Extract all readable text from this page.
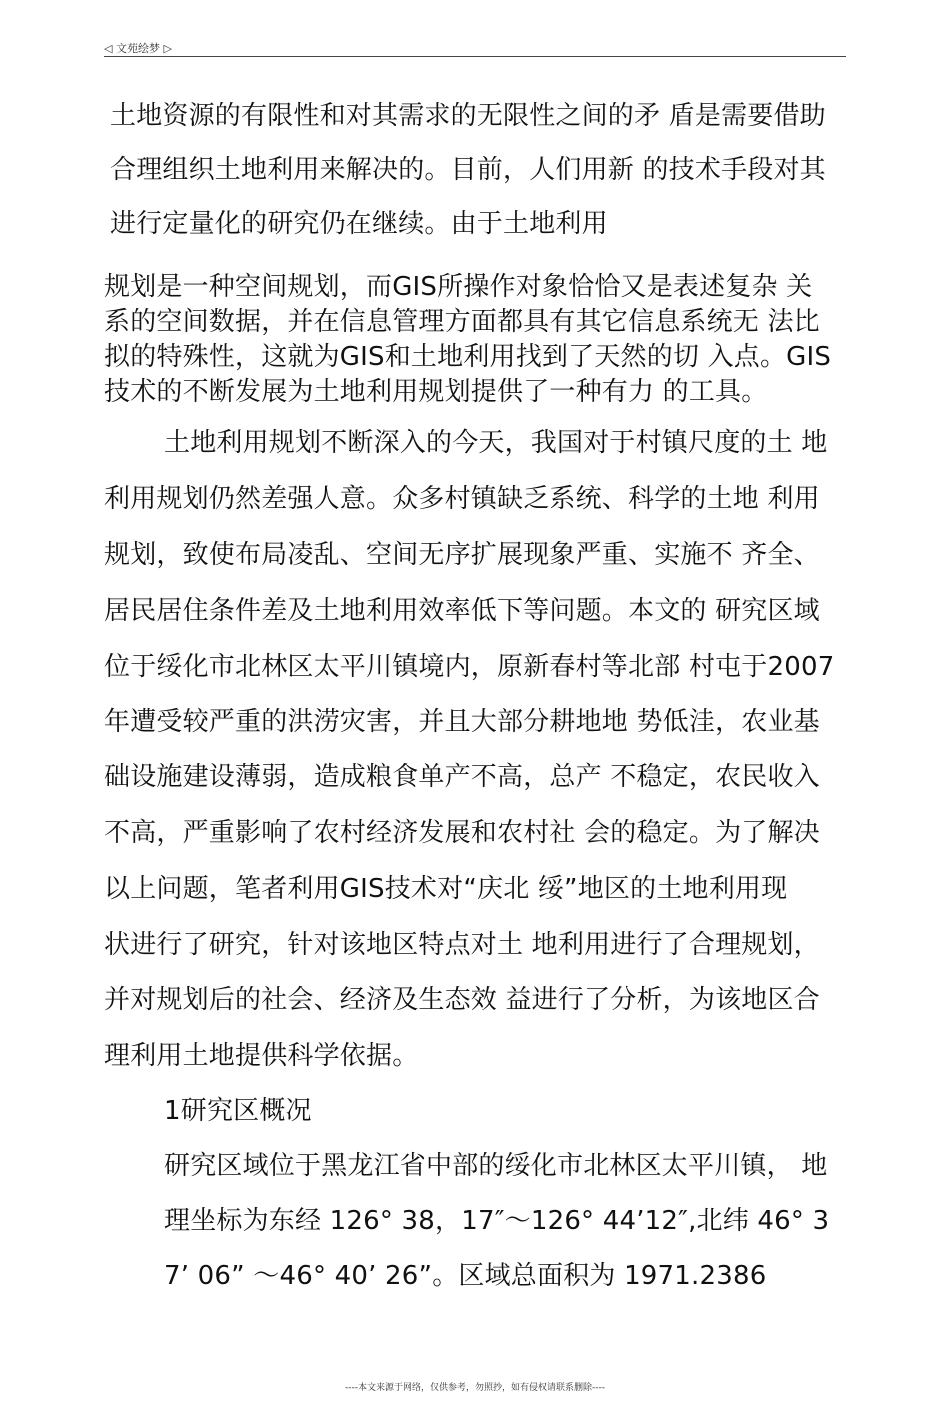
◁ 文苑绘梦 ▷
土地资源的有限性和对其需求的无限性之间的矛 盾是需要借助
合理组织土地利用来解决的。目前，人们用新 的技术手段对其
进行定量化的研究仍在继续。由于土地利用
规划是一种空间规划，而GIS所操作对象恰恰又是表述复杂 关
系的空间数据，并在信息管理方面都具有其它信息系统无 法比
拟的特殊性，这就为GIS和土地利用找到了天然的切 入点。GIS
技术的不断发展为土地利用规划提供了一种有力 的工具。
土地利用规划不断深入的今天，我国对于村镇尺度的土 地
利用规划仍然差强人意。众多村镇缺乏系统、科学的土地 利用
规划，致使布局凌乱、空间无序扩展现象严重、实施不 齐全、
居民居住条件差及土地利用效率低下等问题。本文的 研究区域
位于绥化市北林区太平川镇境内，原新春村等北部 村屯于2007
年遭受较严重的洪涝灾害，并且大部分耕地地 势低洼，农业基
础设施建设薄弱，造成粮食单产不高，总产 不稳定，农民收入
不高，严重影响了农村经济发展和农村社 会的稳定。为了解决
以上问题，笔者利用GIS技术对“庆北 绥”地区的土地利用现
状进行了研究，针对该地区特点对土 地利用进行了合理规划，
并对规划后的社会、经济及生态效 益进行了分析，为该地区合
理利用土地提供科学依据。
1研究区概况
研究区域位于黑龙江省中部的绥化市北林区太平川镇， 地
理坐标为东经 126° 38，17″〜126° 44’12″,北纬 46° 3
7’ 06” 〜46° 40’ 26”。区域总面积为 1971.2386
----本文来源于网络，仅供参考，勿照抄，如有侵权请联系删除----
